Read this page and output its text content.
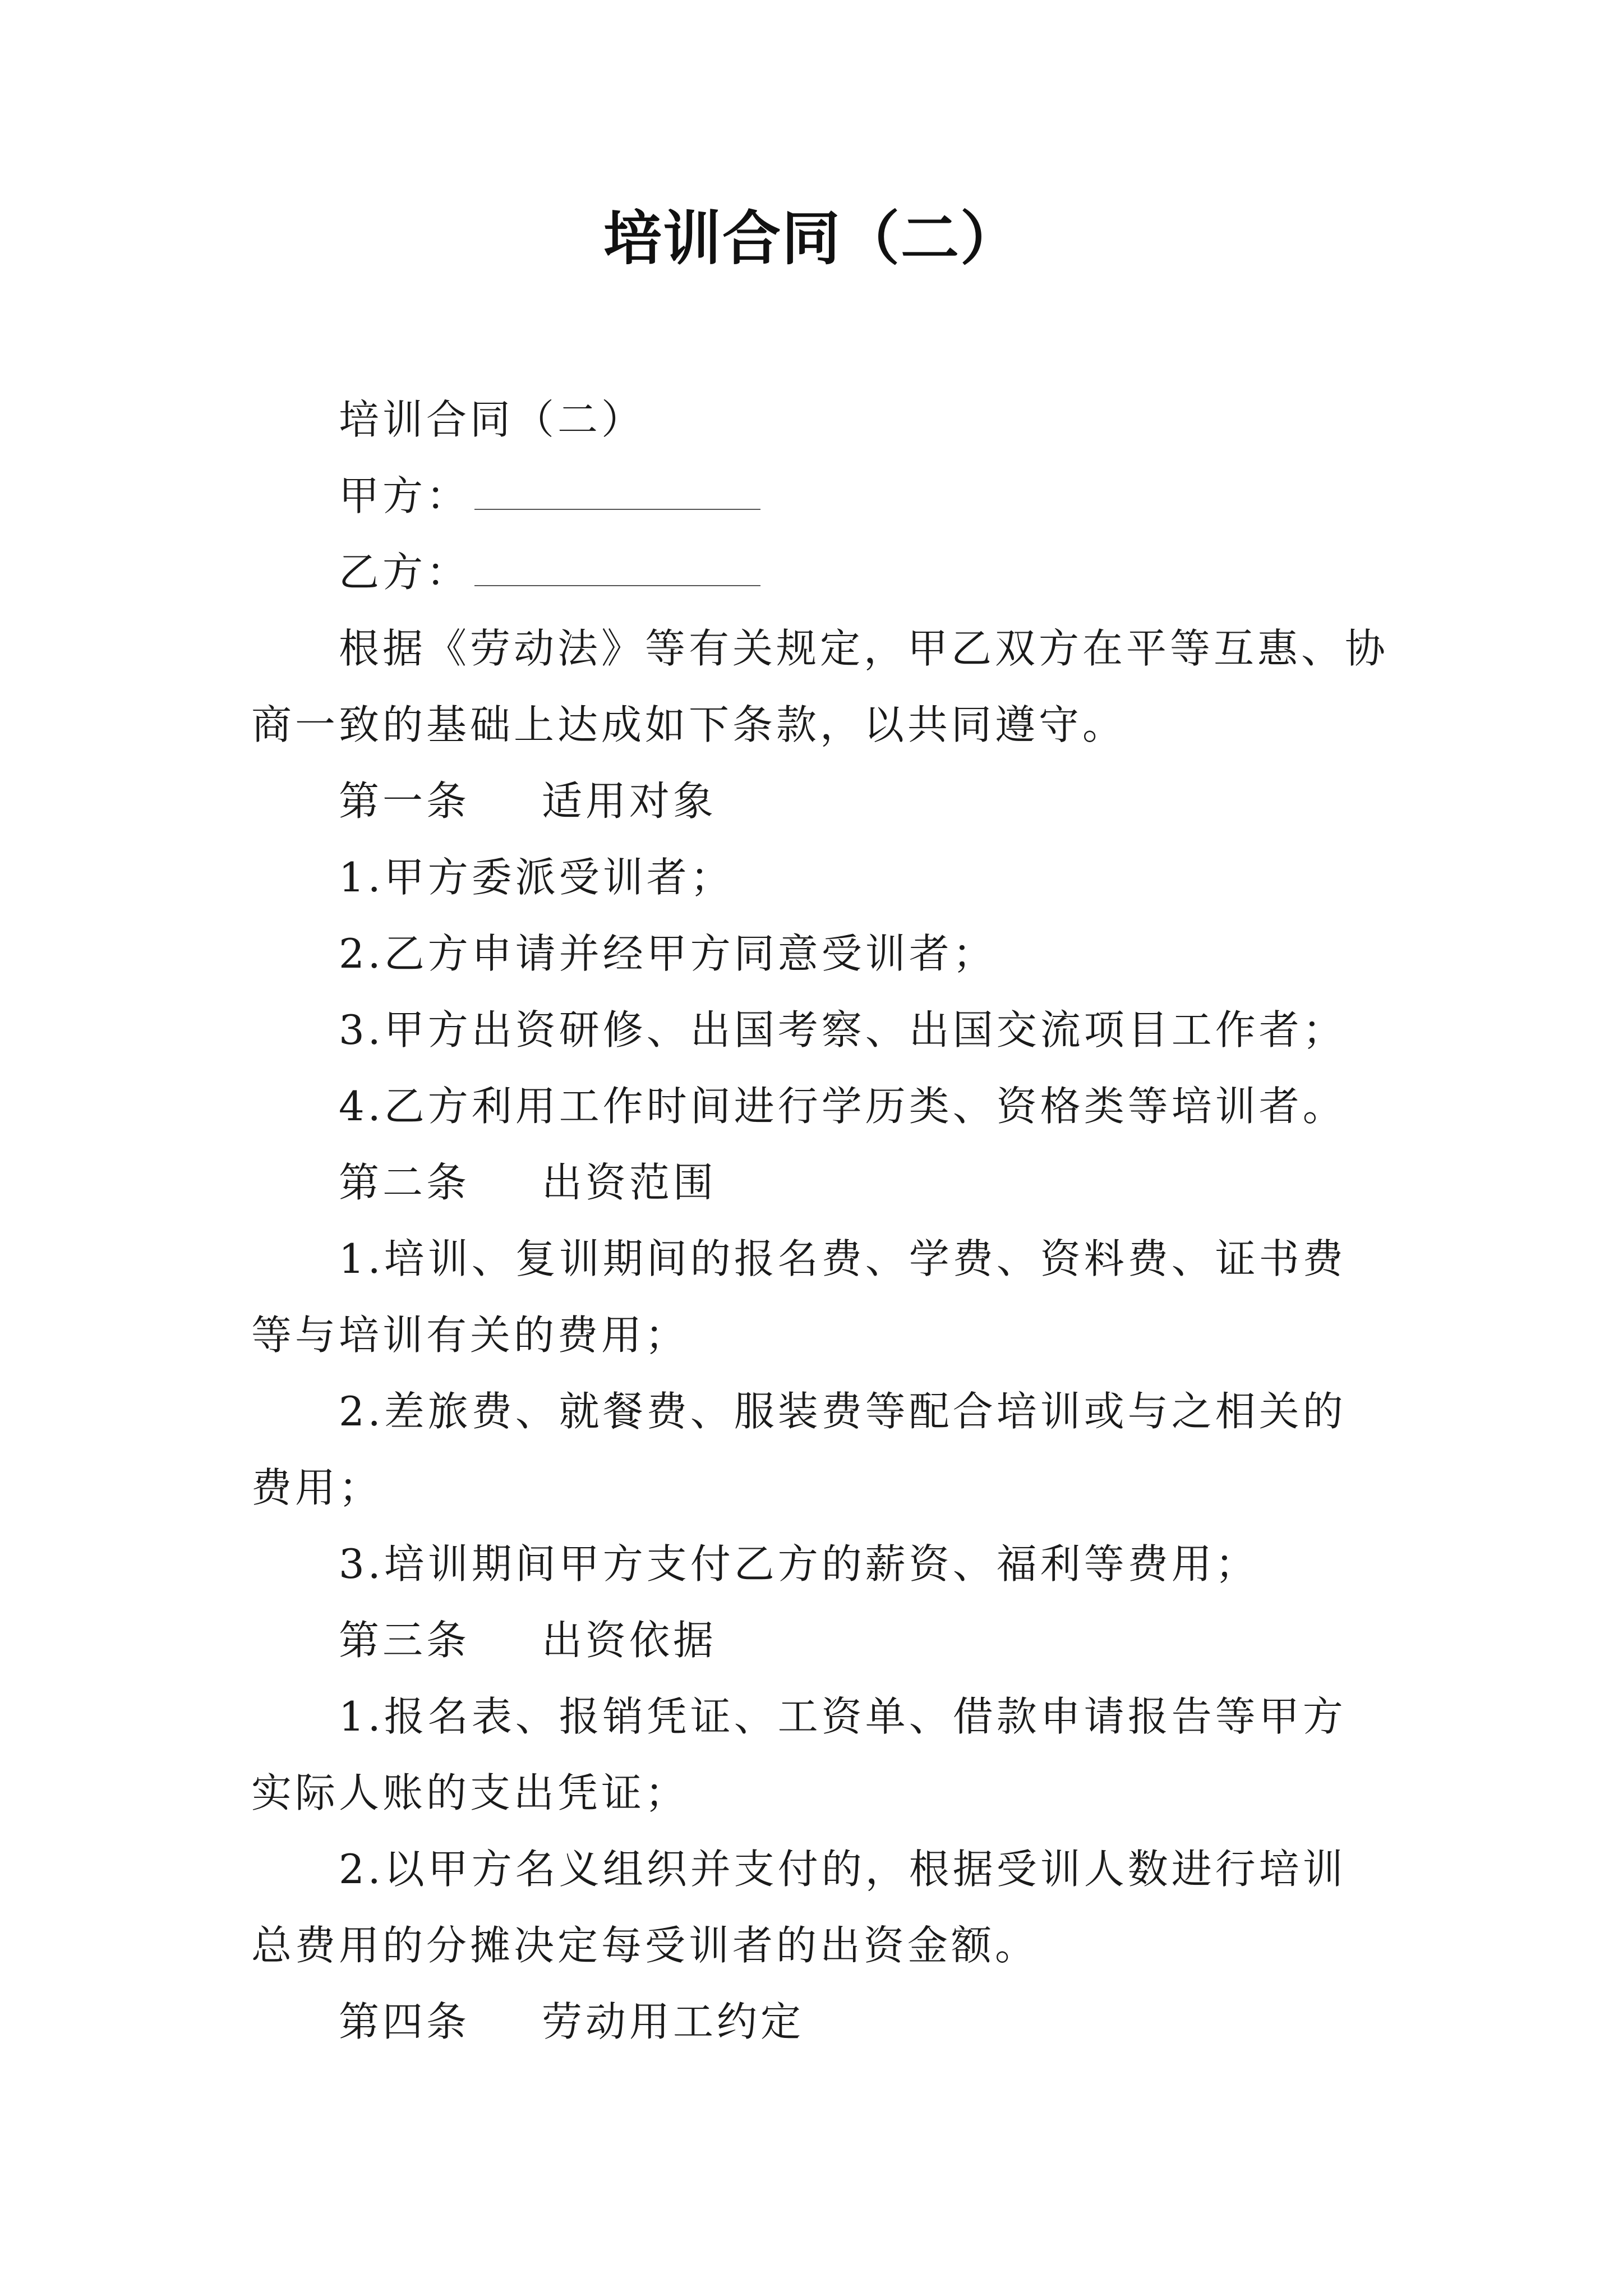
培训合同（二）

培训合同（二）

甲方：

乙方：

根据《劳动法》等有关规定，甲乙双方在平等互惠、协商一致的基础上达成如下条款，以共同遵守。

第一条 适用对象

1.甲方委派受训者；

2.乙方申请并经甲方同意受训者；

3.甲方出资研修、出国考察、出国交流项目工作者；

4.乙方利用工作时间进行学历类、资格类等培训者。

第二条 出资范围

1.培训、复训期间的报名费、学费、资料费、证书费等与培训有关的费用；

2.差旅费、就餐费、服装费等配合培训或与之相关的费用；

3.培训期间甲方支付乙方的薪资、福利等费用；

第三条 出资依据

1.报名表、报销凭证、工资单、借款申请报告等甲方实际人账的支出凭证；

2.以甲方名义组织并支付的，根据受训人数进行培训总费用的分摊决定每受训者的出资金额。

第四条 劳动用工约定
